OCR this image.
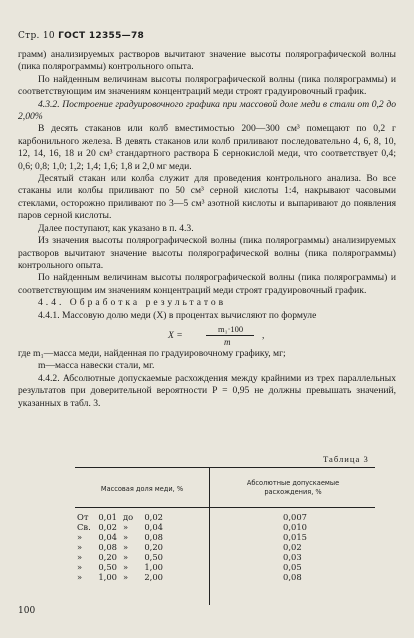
Стр. 10 ГОСТ 12355—78

грамм) анализируемых растворов вычитают значение высоты полярографической волны (пика полярограммы) контрольного опыта.

По найденным величинам высоты полярографической волны (пика полярограммы) и соответствующим им значениям концентраций меди строят градуировочный график.

4.3.2. Построение градуировочного графика при массовой доле меди в стали от 0,2 до 2,00%

В десять стаканов или колб вместимостью 200—300 см³ помещают по 0,2 г карбонильного железа. В девять стаканов или колб приливают последовательно 4, 6, 8, 10, 12, 14, 16, 18 и 20 см³ стандартного раствора Б сернокислой меди, что соответствует 0,4; 0,6; 0,8; 1,0; 1,2; 1,4; 1,6; 1,8 и 2,0 мг меди.

Десятый стакан или колба служит для проведения контрольного анализа. Во все стаканы или колбы приливают по 50 см³ серной кислоты 1:4, накрывают часовыми стеклами, осторожно приливают по 3—5 см³ азотной кислоты и выпаривают до появления паров серной кислоты.

Далее поступают, как указано в п. 4.3.

Из значения высоты полярографической волны (пика полярограммы) анализируемых растворов вычитают значение высоты полярографической волны (пика полярограммы) контрольного опыта.

По найденным величинам высоты полярографической волны (пика полярограммы) и соответствующим им значениям концентраций меди строят градуировочный график.

4.4. Обработка результатов

4.4.1. Массовую долю меди (X) в процентах вычисляют по формуле

X =
m₁·100
m
,

где m₁—масса меди, найденная по градуировочному графику, мг;

m—масса навески стали, мг.

4.4.2. Абсолютные допускаемые расхождения между крайними из трех параллельных результатов при доверительной вероятности P = 0,95 не должны превышать значений, указанных в табл. 3.

Таблица 3
Массовая доля меди, %
Абсолютные допускаемые
расхождения, %
От	0,01 до	0,02	0,007
Св. 0,02 »	0,04	0,010
»	0,04 »	0,08	0,015
»	0,08 »	0,20	0,02
»	0,20 »	0,50	0,03
»	0,50 »	1,00	0,05
»	1,00 »	2,00	0,08
100
